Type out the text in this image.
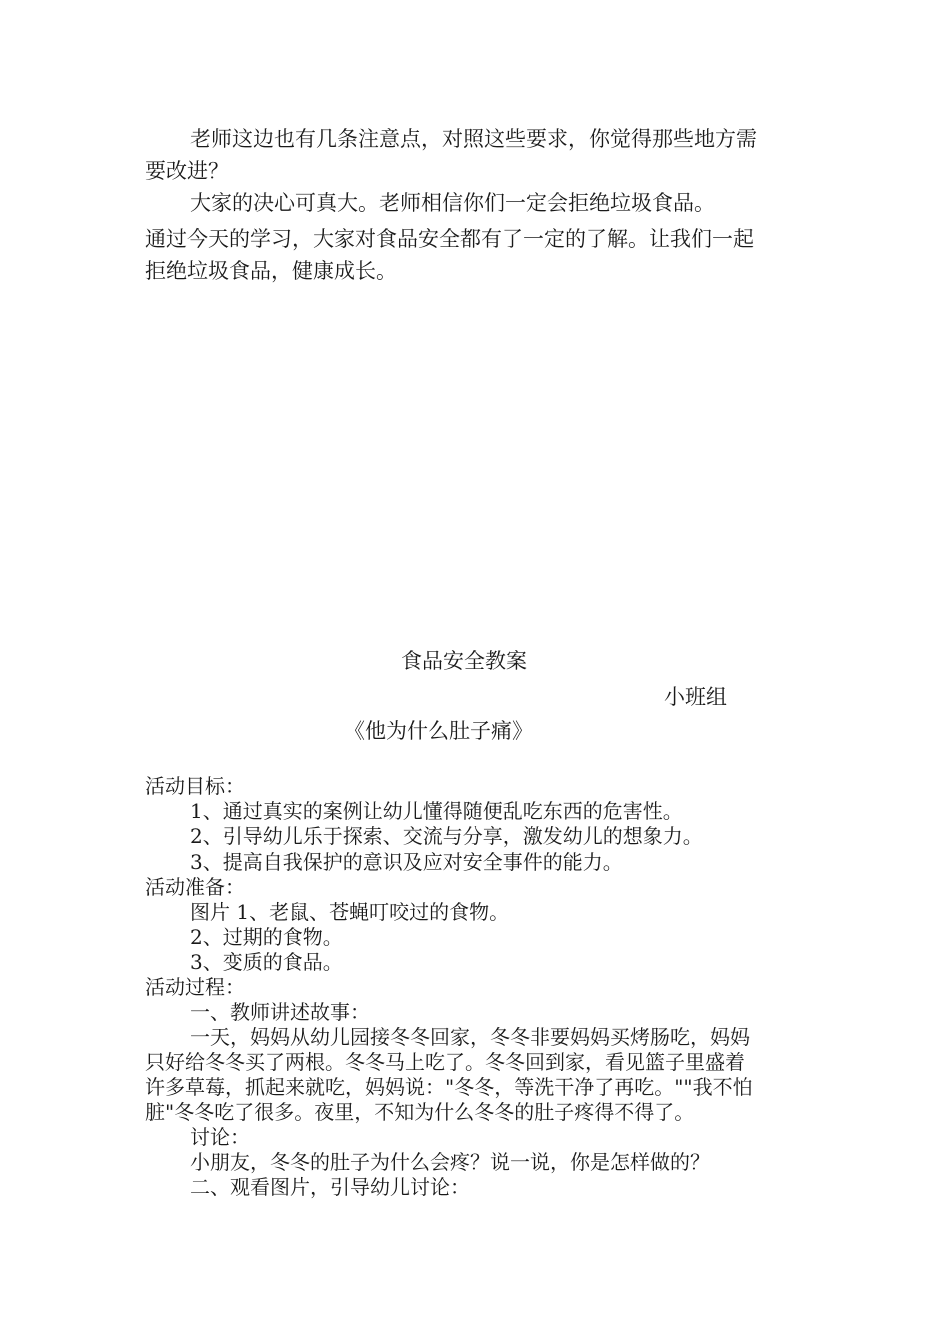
老师这边也有几条注意点，对照这些要求，你觉得那些地方需
要改进？
大家的决心可真大。老师相信你们一定会拒绝垃圾食品。
通过今天的学习，大家对食品安全都有了一定的了解。让我们一起
拒绝垃圾食品，健康成长。
食品安全教案
小班组
《他为什么肚子痛》
活动目标：
1、通过真实的案例让幼儿懂得随便乱吃东西的危害性。
2、引导幼儿乐于探索、交流与分享，激发幼儿的想象力。
3、提高自我保护的意识及应对安全事件的能力。
活动准备：
图片 1、老鼠、苍蝇叮咬过的食物。
2、过期的食物。
3、变质的食品。
活动过程：
一、教师讲述故事：
一天，妈妈从幼儿园接冬冬回家，冬冬非要妈妈买烤肠吃，妈妈
只好给冬冬买了两根。冬冬马上吃了。冬冬回到家，看见篮子里盛着
许多草莓，抓起来就吃，妈妈说："冬冬，等洗干净了再吃。""我不怕
脏"冬冬吃了很多。夜里，不知为什么冬冬的肚子疼得不得了。
讨论：
小朋友，冬冬的肚子为什么会疼？说一说，你是怎样做的？
二、观看图片，引导幼儿讨论：
